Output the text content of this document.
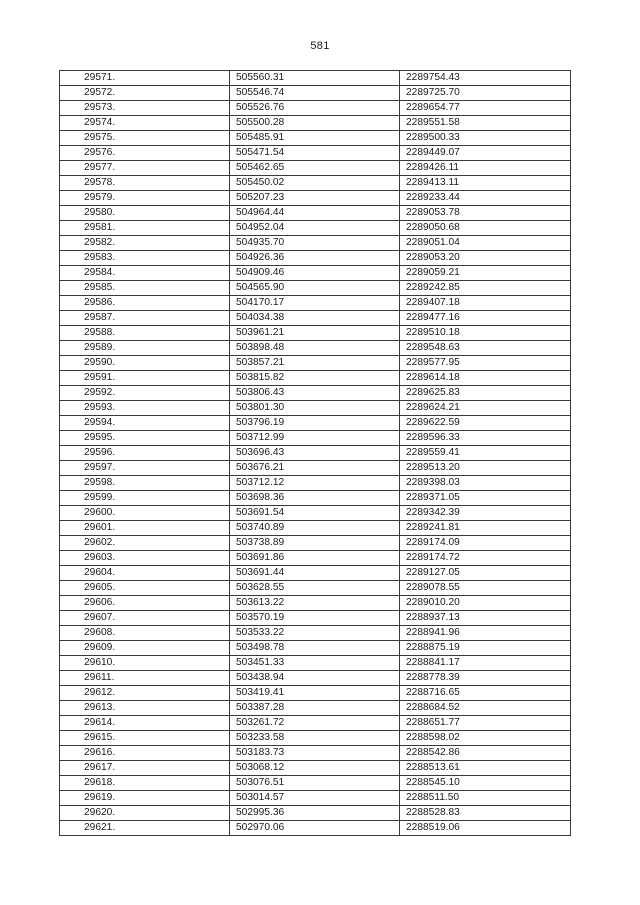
581
29571.	505560.31	2289754.43
29572.	505546.74	2289725.70
29573.	505526.76	2289654.77
29574.	505500.28	2289551.58
29575.	505485.91	2289500.33
29576.	505471.54	2289449.07
29577.	505462.65	2289426.11
29578.	505450.02	2289413.11
29579.	505207.23	2289233.44
29580.	504964.44	2289053.78
29581.	504952.04	2289050.68
29582.	504935.70	2289051.04
29583.	504926.36	2289053.20
29584.	504909.46	2289059.21
29585.	504565.90	2289242.85
29586.	504170.17	2289407.18
29587.	504034.38	2289477.16
29588.	503961.21	2289510.18
29589.	503898.48	2289548.63
29590.	503857.21	2289577.95
29591.	503815.82	2289614.18
29592.	503806.43	2289625.83
29593.	503801.30	2289624.21
29594.	503796.19	2289622.59
29595.	503712.99	2289596.33
29596.	503696.43	2289559.41
29597.	503676.21	2289513.20
29598.	503712.12	2289398.03
29599.	503698.36	2289371.05
29600.	503691.54	2289342.39
29601.	503740.89	2289241.81
29602.	503738.89	2289174.09
29603.	503691.86	2289174.72
29604.	503691.44	2289127.05
29605.	503628.55	2289078.55
29606.	503613.22	2289010.20
29607.	503570.19	2288937.13
29608.	503533.22	2288941.96
29609.	503498.78	2288875.19
29610.	503451.33	2288841.17
29611.	503438.94	2288778.39
29612.	503419.41	2288716.65
29613.	503387.28	2288684.52
29614.	503261.72	2288651.77
29615.	503233.58	2288598.02
29616.	503183.73	2288542.86
29617.	503068.12	2288513.61
29618.	503076.51	2288545.10
29619.	503014.57	2288511.50
29620.	502995.36	2288528.83
29621.	502970.06	2288519.06
